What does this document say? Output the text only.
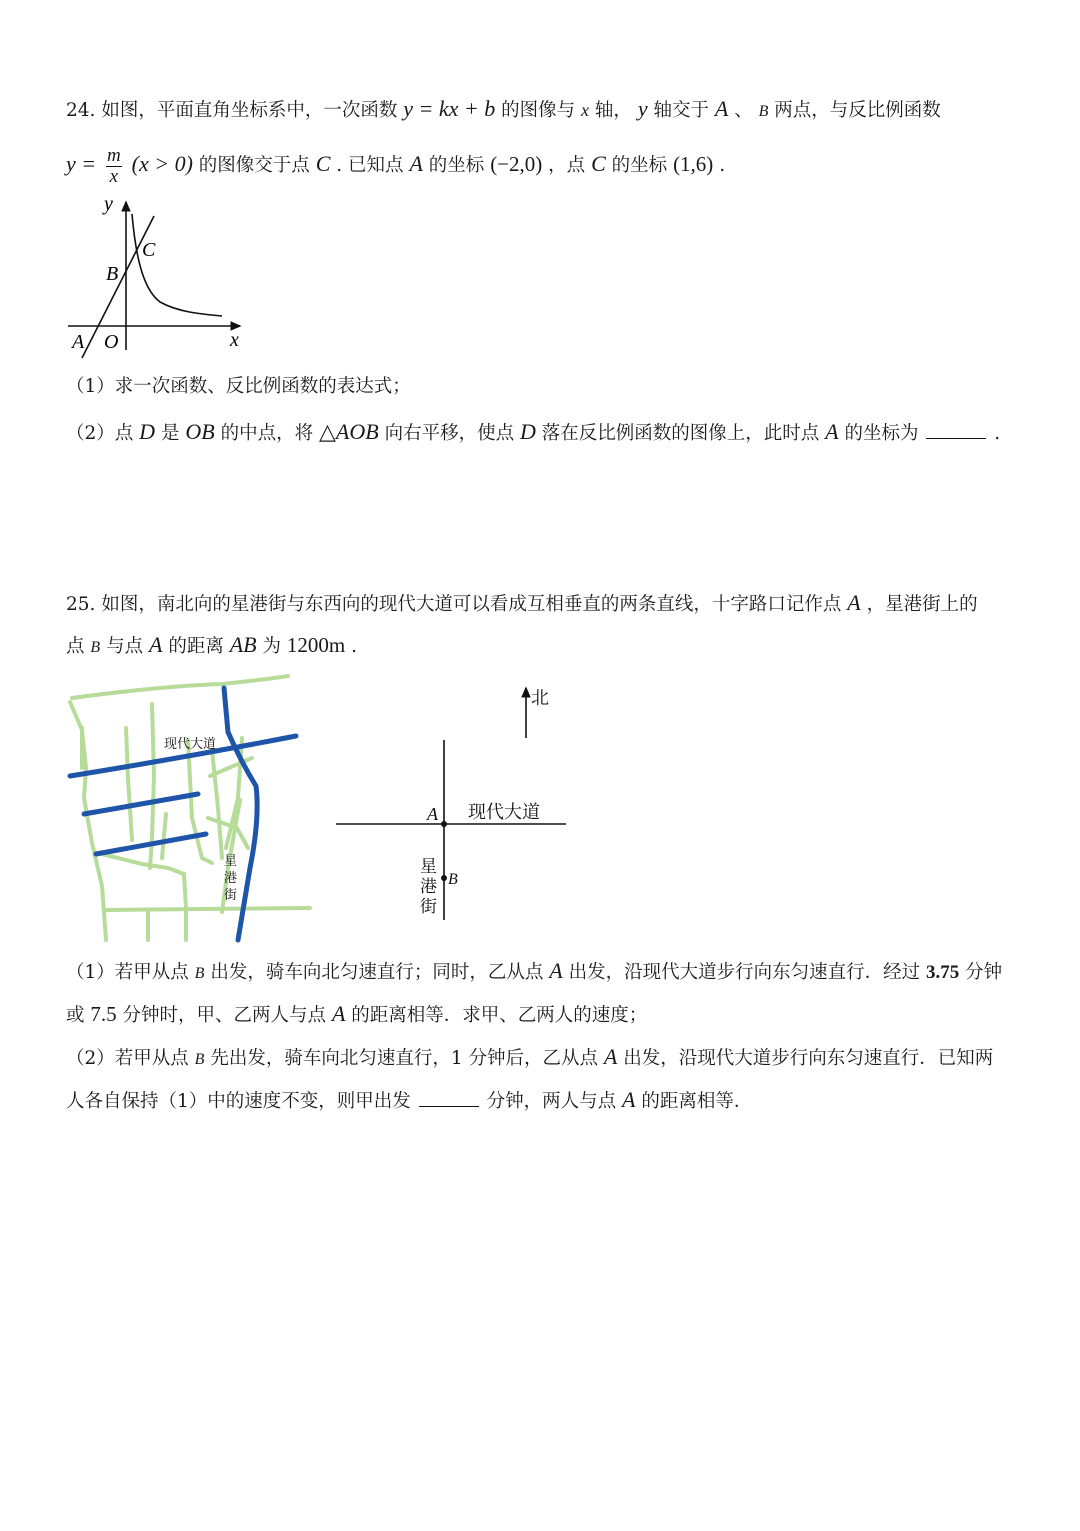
24. 如图，平面直角坐标系中，一次函数 y = kx + b 的图像与 x 轴， y 轴交于 A 、 B 两点，与反比例函数
$y = \frac{m}{x} (x > 0)$ 的图像交于点 C . 已知点 A 的坐标 (−2,0) ，点 C 的坐标 (1,6) .
y
x
A O
B
C
（1）求一次函数、反比例函数的表达式；
（2）点 D 是 OB 的中点，将 △AOB 向右平移，使点 D 落在反比例函数的图像上，此时点 A 的坐标为	.
25. 如图，南北向的星港街与东西向的现代大道可以看成互相垂直的两条直线，十字路口记作点 A ，星港街上的
点 B 与点 A 的距离 AB 为 1200m .
现代大道
星 港 街
北
A
B
现代大道
星 港 街
（1）若甲从点 B 出发，骑车向北匀速直行；同时，乙从点 A 出发，沿现代大道步行向东匀速直行．经过 3.75 分钟
或 7.5 分钟时，甲、乙两人与点 A 的距离相等．求甲、乙两人的速度；
（2）若甲从点 B 先出发，骑车向北匀速直行，1 分钟后，乙从点 A 出发，沿现代大道步行向东匀速直行．已知两
人各自保持（1）中的速度不变，则甲出发	分钟，两人与点 A 的距离相等．
